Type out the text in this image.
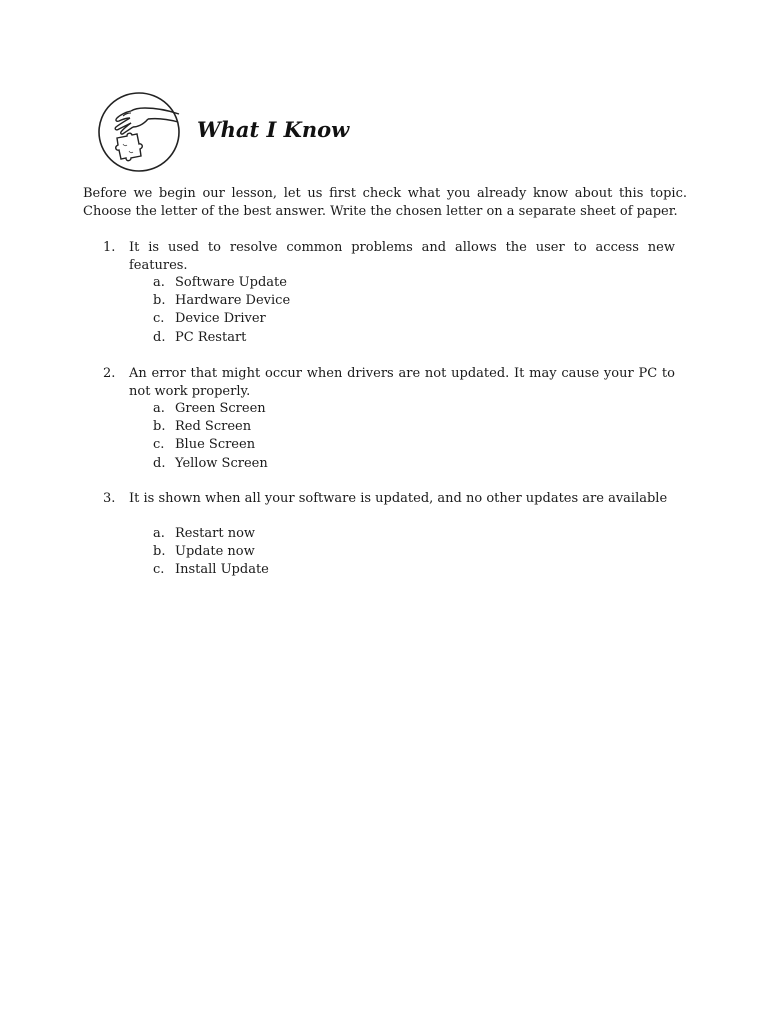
What I Know

Before we begin our lesson, let us first check what you already know about this topic. Choose the letter of the best answer. Write the chosen letter on a separate sheet of paper.

1.	It is used to resolve common problems and allows the user to access new features.
a. Software Update
b. Hardware Device
c. Device Driver
d. PC Restart
2.	An error that might occur when drivers are not updated. It may cause your PC to not work properly.
a. Green Screen
b. Red Screen
c. Blue Screen
d. Yellow Screen
3.	It is shown when all your software is updated, and no other updates are available
a. Restart now
b. Update now
c. Install Update
